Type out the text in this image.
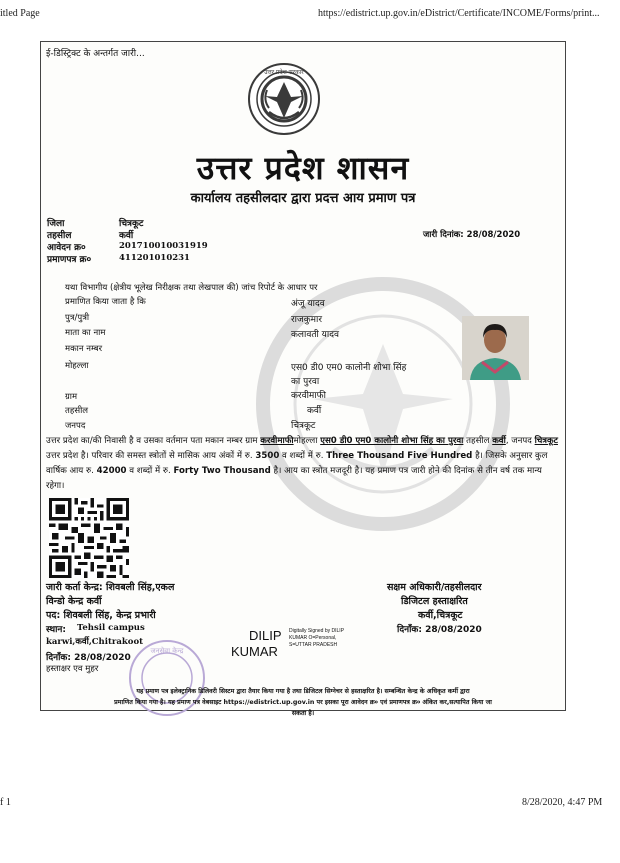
itled Page	https://edistrict.up.gov.in/eDistrict/Certificate/INCOME/Forms/print...
f 1	8/28/2020, 4:47 PM
ई-डिस्ट्रिक्ट के अन्तर्गत जारी...
उत्तर प्रदेश सरकार
उत्तर प्रदेश शासन
कार्यालय तहसीलदार द्वारा प्रदत्त आय प्रमाण पत्र
जिला	चित्रकूट
तहसील	कर्वी
आवेदन क्र०	201710010031919
प्रमाणपत्र क्र०	411201010231
जारी दिनांक: 28/08/2020
यथा विभागीय (क्षेत्रीय भूलेख निरीक्षक तथा लेखपाल की) जांच रिपोर्ट के आधार पर
प्रमाणित किया जाता है कि	अंजू यादव
पुत्र/पुत्री	राजकुमार
माता का नाम	कलावती यादव
मकान नम्बर
मोहल्ला	एस0 डी0 एम0 कालोनी शोभा सिंह
का पुरवा
ग्राम	करवीमाफी
तहसील	कर्वी
जनपद	चित्रकूट
उत्तर प्रदेश का/की निवासी है व उसका वर्तमान पता मकान नम्बर ग्राम करवीमाफीमोहल्ला एस0 डी0 एम0 कालोनी शोभा सिंह का पुरवा तहसील कर्वी, जनपद चित्रकूट उत्तर प्रदेश है। परिवार की समस्त स्त्रोतों से मासिक आय अंकों में रु. 3500 व शब्दों में रु. Three Thousand Five Hundred है। जिसके अनुसार कुल वार्षिक आय रु. 42000 व शब्दों में रु. Forty Two Thousand है। आय का स्त्रोत मजदूरी है। यह प्रमाण पत्र जारी होने की दिनांक से तीन वर्ष तक मान्य रहेगा।
जारी कर्ता केन्द्र: शिवबली सिंह,एकल
विन्डो केन्द्र कर्वी
पद: शिवबली सिंह, केन्द्र प्रभारी
स्थान: Tehsil campus
karwi,कर्वी,Chitrakoot
दिनाँक: 28/08/2020
हस्ताक्षर एव मुहर
जनसेवा केन्द्र
DILIP
KUMAR
Digitally Signed by DILIP
KUMAR O=Personal,
S=UTTAR PRADESH
सक्षम अधिकारी/तहसीलदार
डिजिटल हस्ताक्षरित
कर्वी,चित्रकूट
दिनाँक: 28/08/2020
यह प्रमाण पत्र इलेक्ट्रानिक डिलिवरी सिस्टम द्वारा तैयार किया गया है तथा डिजिटल सिग्नेचर से हस्ताक्षरित है। सम्बन्धित केन्द्र के अधिकृत कर्मी द्वारा
प्रमाणित किया गया है। यह प्रमाण पत्र वेबसाइट https://edistrict.up.gov.in पर इसका पूरा आवेदन क्र० एवं प्रमाणपत्र क्र० अंकित कर,सत्यापित किया जा
सकता है।
